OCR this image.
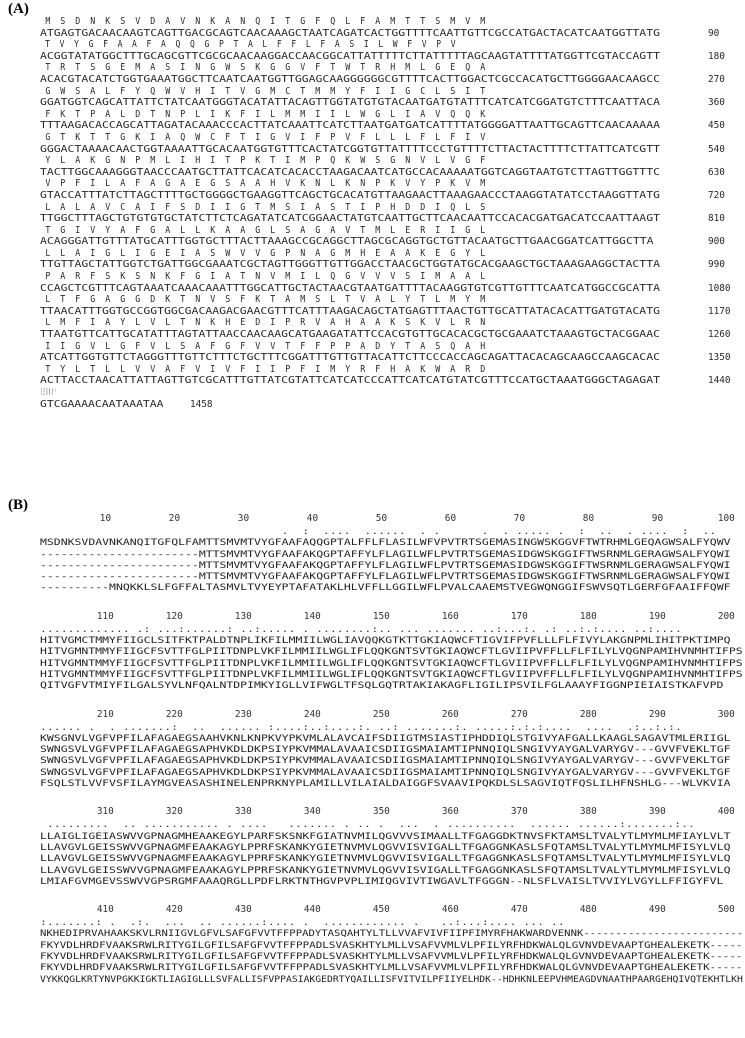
(A)
M  S  D  N  K  S  V  D  A  V  N  K  A  N  Q  I  T  G  F  Q  L  F  A  M  T  T  S  M  V  M
ATGAGTGACAACAAGTCAGTTGACGCAGTCAACAAAGCTAATCAGATCACTGGTTTTCAATTGTTCGCCATGACTACATCAATGGTTATG	90
T  V  Y  G  F  A  A  F  A  Q  Q  G  P  T  A  L  F  F  L  F  A  S  I  L  W  F  V  P  V
ACGGTATATGGCTTTGCAGCGTTCGCGCAACAAGGACCAACGGCATTATTTTTCTTATTTTTAGCAAGTATTTTATGGTTCGTACCAGTT	180
T  R  T  S  G  E  M  A  S  I  N  G  W  S  K  G  G  V  F  T  W  T  R  H  M  L  G  E  Q  A
ACACGTACATCTGGTGAAATGGCTTCAATCAATGGTTGGAGCAAGGGGGGCGTTTTCACTTGGACTCGCCACATGCTTGGGGAACAAGCC	270
G  W  S  A  L  F  Y  Q  W  V  H  I  T  V  G  M  C  T  M  M  Y  F  I  I  G  C  L  S  I  T
GGATGGTCAGCATTATTCTATCAATGGGTACATATTACAGTTGGTATGTGTACAATGATGTATTTCATCATCGGATGTCTTTCAATTACA	360
F  K  T  P  A  L  D  T  N  P  L  I  K  F  I  L  M  M  I  I  L  W  G  L  I  A  V  Q  Q  K
TTTAAGACACCAGCATTAGATACAAACCCACTTATCAAATTCATCTTAATGATGATCATTTTATGGGGATTAATTGCAGTTCAACAAAAA	450
G  T  K  T  T  G  K  I  A  Q  W  C  F  T  I  G  V  I  F  P  V  F  L  L  L  F  L  F  I  V
GGGACTAAAACAACTGGTAAAATTGCACAATGGTGTTTCACTATCGGTGTTATTTTCCCTGTTTTCTTACTACTTTTCTTATTCATCGTT	540
Y  L  A  K  G  N  P  M  L  I  H  I  T  P  K  T  I  M  P  Q  K  W  S  G  N  V  L  V  G  F
TACTTGGCAAAGGGTAACCCAATGCTTATTCACATCACACCTAAGACAATCATGCCACAAAAATGGTCAGGTAATGTCTTAGTTGGTTTC	630
V  P  F  I  L  A  F  A  G  A  E  G  S  A  A  H  V  K  N  L  K  N  P  K  V  Y  P  K  V  M
GTACCATTTATCTTAGCTTTTGCTGGGGCTGAAGGTTCAGCTGCACATGTTAAGAACTTAAAGAACCCTAAGGTATATCCTAAGGTTATG	720
L  A  L  A  V  C  A  I  F  S  D  I  I  G  T  M  S  I  A  S  T  I  P  H  D  D  I  Q  L  S
TTGGCTTTAGCTGTGTGTGCTATCTTCTCAGATATCATCGGAACTATGTCAATTGCTTCAACAATTCCACACGATGACATCCAATTAAGT	810
T  G  I  V  Y  A  F  G  A  L  L  K  A  A  G  L  S  A  G  A  V  T  M  L  E  R  I  I  G  L
ACAGGGATTGTTTATGCATTTGGTGCTTTACTTAAAGCCGCAGGCTTAGCGCAGGTGCTGTTACAATGCTTGAACGGATCATTGGCTTA	900
L  L  A  I  G  L  I  G  E  I  A  S  W  V  V  G  P  N  A  G  M  H  E  A  A  K  E  G  Y  L
TTGTTAGCTATTGGTCTGATTGGCGAAATCGCTAGTTGGGTTGTTGGACCTAACGCTGGTATGCACGAAGCTGCTAAAGAAGGCTACTTA	990
P  A  R  F  S  K  S  N  K  F  G  I  A  T  N  V  M  I  L  Q  G  V  V  V  S  I  M  A  A  L
CCAGCTCGTTTCAGTAAATCAAACAAATTTGGCATTGCTACTAACGTAATGATTTTACAAGGTGTCGTTGTTTCAATCATGGCCGCATTA	1080
L  T  F  G  A  G  G  D  K  T  N  V  S  F  K  T  A  M  S  L  T  V  A  L  Y  T  L  M  Y  M
TTAACATTTGGTGCCGGTGGCGACAAGACGAACGTTTCATTTAAGACAGCTATGAGTTTAACTGTTGCATTATACACATTGATGTACATG	1170
L  M  F  I  A  Y  L  V  L  T  N  K  H  E  D  I  P  R  V  A  H  A  A  K  S  K  V  L  R  N
TTAATGTTCATTGCATATTTAGTATTAACCAACAAGCATGAAGATATTCCACGTGTTGCACACGCTGCGAAATCTAAAGTGCTACGGAAC	1260
I  I  G  V  L  G  F  V  L  S  A  F  G  F  V  V  T  F  F  P  P  A  D  Y  T  A  S  Q  A  H
ATCATTGGTGTTCTAGGGTTTGTTCTTTCTGCTTTCGGATTTGTTGTTACATTCTTCCCACCAGCAGATTACACAGCAAGCCAAGCACAC	1350
T  Y  L  T  L  L  V  V  A  F  V  I  V  F  I  I  P  F  I  M  Y  R  F  H  A  K  W  A  R  D
ACTTACCTAACATTATTAGTTGTCGCATTTGTTATCGTATTCATCATCCCATTCATCATGTATCGTTTCCATGCTAAATGGGCTAGAGAT	1440
V  E  N  N  K  *
GTCGAAAACAATAAATAA	1458
(B)
10	20	30	40	50	60	70	80	90	100
.  :  ....  ......  . .      .  . ..... .  :  ..  . ....  :  ..
MSDNKSVDAVNKANQITGFQLFAMTTSMVMTVYGFAAFAQQGPTALFFLFLASILWFVPVTRTSGEMASINGWSKGGVFTWTRHMLGEQAGWSALFYQWV
-----------------------MTTSMVMTVYGFAAFAKQGPTAFFYLFLAGILWFLPVTRTSGEMASIDGWSKGGIFTWSRNMLGERAGWSALFYQWI
-----------------------MTTSMVMTVYGFAAFAKQGPTAFFYLFLAGILWFLPVTRTSGEMASIDGWSKGGIFTWSRNMLGERAGWSALFYQWI
-----------------------MTTSMVMTVYGFAAFAKQGPTAFFYLFLAGILWFLPVTRTSGEMASIDGWSKGGIFTWSRNMLGERAGWSALFYQWI
----------MNQKKLSLFGFFALTASMVLTVYEYPTAFATAKLHLVFFLLGGILWFLPVALCAAEMSTVEGWQNGGIFSWVSQTLGERFGFAAIFFQWF
110	120	130	140	150	160	170	180	190	200
............. .: ...:......: ..:..... . ........:.. ... ....... ..:...:. .: ..:.:.... ..:....
HITVGMCTMMYFIIGCLSITFKTPALDTNPLIKFILMMIILWGLIAVQQKGTKTTGKIAQWCFTIGVIFPVFLLLFLFIVYLAKGNPMLIHITPKTIMPQ
HITVGMNTMMYFIIGCFSVTTFGLPIITDNPLVKFILMMIILWGLIFLQQKGNTSVTGKIAQWCFTLGVIIPVFFLLFLFILYLVQGNPAMIHVNMHTIFPS
HITVGMNTMMYFIIGCFSVTTFGLPIITDNPLVKFILMMIILWGLIFLQQKGNTSVTGKIAQWCFTLGVIIPVFFLLFLFILYLVQGNPAMIHVNMHTIFPS
HITVGMNTMMYFIIGCFSVTTFGLPIITDNPLVKFILMMIILWGLIFLQQKGNTSVTGKIAQWCFTLGVIIPVFFLLFLFILYLVQGNPAMIHVNMHTIFPS
QITVGFVTMIYFILGALSYVLNFQALNTDPIMKYIGLLVIFWGLTFSQLGQTRTAKIAKAGFLIGILIPSVILFGLAAAYFIGGNPIEIAISTKAFVPD
210	220	230	240	250	260	270	280	290	300
...... .  . .......:  ..  ...... :....:..:....:. ..: .......:. .....:.:.:....  ....  .:..:.:.
KWSGNVLVGFVPFILAFAGAEGSAAHVKNLKNPKVYPKVMLALAVCAIFSDIIGTMSIASTIPHDDIQLSTGIVYAFGALLKAAGLSAGAVTMLERIIGL
SWNGSVLVGFVPFILAFAGAEGSAPHVKDLDKPSIYPKVMMALAVAAICSDIIGSMAIAMTIPNNQIQLSNGIVYAYGALVARYGV---GVVFVEKLTGF
SWNGSVLVGFVPFILAFAGAEGSAPHVKDLDKPSIYPKVMMALAVAAICSDIIGSMAIAMTIPNNQIQLSNGIVYAYGALVARYGV---GVVFVEKLTGF
SWNGSVLVGFVPFILAFAGAEGSAPHVKDLDKPSIYPKVMMALAVAAICSDIIGSMAIAMTIPNNQIQLSNGIVYAYGALVARYGV---GVVFVEKLTGF
FSQLSTLVVFVSFILAYMGVEASASHINELENPRKNYPLAMILLVILAIALDAIGGFSVAAVIPQKDLSLSAGVIQTFQSLILHFNSHLG---WLVKVIA
310	320	330	340	350	360	370	380	390	400
.........  .. ........... . ....   ....... . .. .  ...  . ..........  ...... ......:.......:..
LLAIGLIGEIASWVVGPNAGMHEAAKEGYLPARFSKSNKFGIATNVMILQGVVVSIMAALLTFGAGGDKTNVSFKTAMSLTVALYTLMYMLMFIAYLVLT
LLAVGVLGEISSWVVGPNAGMFEAAKAGYLPPRFSKANKYGIETNVMVLQGVVISVIGALLTFGAGGNKASLSFQTAMSLTVALYTLMYMLMFISYLVLQ
LLAVGVLGEISSWVVGPNAGMFEAAKAGYLPPRFSKANKYGIETNVMVLQGVVISVIGALLTFGAGGNKASLSFQTAMSLTVALYTLMYMLMFISYLVLQ
LLAVGVLGEISSWVVGPNAGMFEAAKAGYLPPRFSKANKYGIETNVMVLQGVVISVIGALLTFGAGGNKASLSFQTAMSLTVALYTLMYMLMFISYLVLQ
LMIAFGVMGEVSSWVVGPSRGMFAAAQRGLLPDFLRKTNTHGVPVPLIMIQGVIVTIWGAVLTFGGGN--NLSFLVAISLTVVIYLVGYLLFFIGYFVL
410	420	430	440	450	460	470	480	490	500
:.......: .  .:.  ...  .. ......:.... .  ............ .   ..:...:.... ... ..
NKHEDIPRVAHAAKSKVLRNIIGVLGFVLSAFGFVVTFFPPADYTASQAHTYLTLLVVAFVIVFIIPFIMYRFHAKWARDVENNK-------------------------
FKYVDLHRDFVAAKSRWLRITYGILGFILSAFGFVVTFFPPADLSVASKHTYLMLLVSAFVVMLVLPFILYRFHDKWALQLGVNVDEVAAPTGHEALEKETK-----
FKYVDLHRDFVAAKSRWLRITYGILGFILSAFGFVVTFFPPADLSVASKHTYLMLLVSAFVVMLVLPFILYRFHDKWALQLGVNVDEVAAPTGHEALEKETK-----
FKYVDLHRDFVAAKSRWLRITYGILGFILSAFGFVVTFFPPADLSVASKHTYLMLLVSAFVVMLVLPFILYRFHDKWALQLGVNVDEVAAPTGHEALEKETK-----
VYKKQGLKRTYNVPGKKIGKTLIAGIGLLLSVFALLISFVPPASIAKGEDRTYQAILLISFVITVILPFIIYELHDK--HDHKNLEEPVHMEAGDVNAATHPAARGEHQIVQTEKHTLKH
